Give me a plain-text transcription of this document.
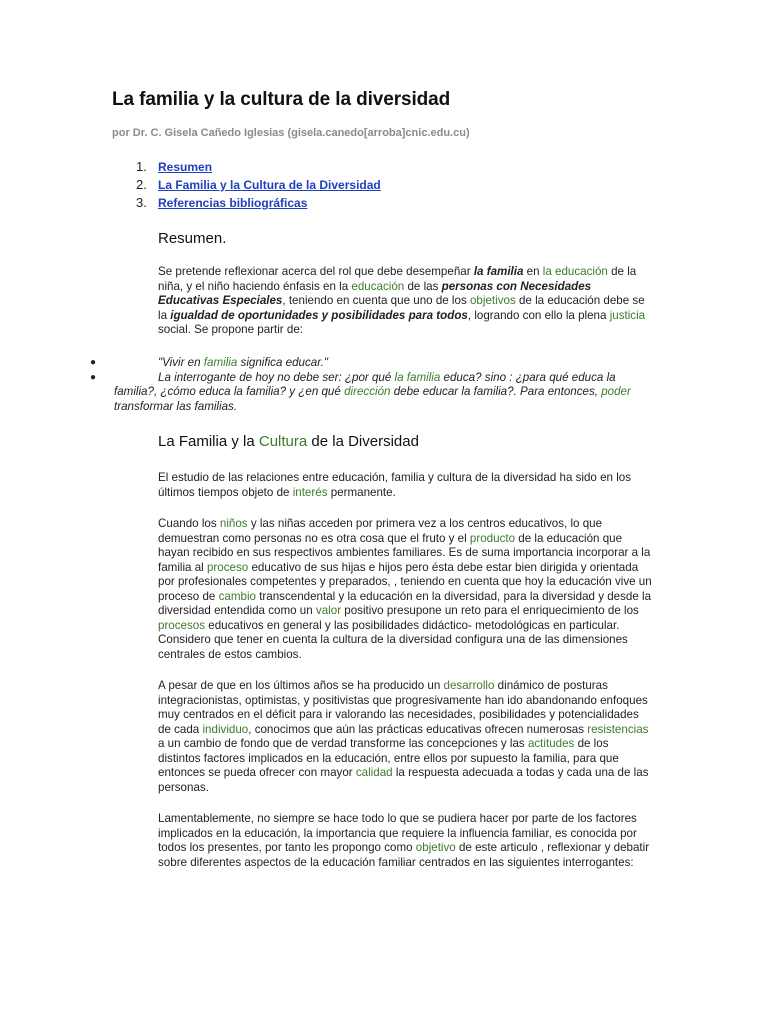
La familia y la cultura de la diversidad
por Dr. C. Gisela Cañedo Iglesias (gisela.canedo[arroba]cnic.edu.cu)
1. Resumen
2. La Familia y la Cultura de la Diversidad
3. Referencias bibliográficas
Resumen.

Se pretende reflexionar acerca del rol que debe desempeñar la familia en la educación de la niña, y el niño haciendo énfasis en la educación de las personas con Necesidades Educativas Especiales, teniendo en cuenta que uno de los objetivos de la educación debe se la igualdad de oportunidades y posibilidades para todos, logrando con ello la plena justicia social. Se propone partir de:

●	"Vivir en familia significa educar."
●	La interrogante de hoy no debe ser: ¿por qué la familia educa? sino : ¿para qué educa la familia?, ¿cómo educa la familia? y ¿en qué dirección debe educar la familia?. Para entonces, poder transformar las familias.
La Familia y la Cultura de la Diversidad

El estudio de las relaciones entre educación, familia y cultura de la diversidad ha sido en los últimos tiempos objeto de interés permanente.

Cuando los niños y las niñas acceden por primera vez a los centros educativos, lo que demuestran como personas no es otra cosa que el fruto y el producto de la educación que hayan recibido en sus respectivos ambientes familiares. Es de suma importancia incorporar a la familia al proceso educativo de sus hijas e hijos pero ésta debe estar bien dirigida y orientada por profesionales competentes y preparados, , teniendo en cuenta que hoy la educación vive un proceso de cambio transcendental y la educación en la diversidad, para la diversidad y desde la diversidad entendida como un valor positivo presupone un reto para el enriquecimiento de los procesos educativos en general y las posibilidades didáctico- metodológicas en particular. Considero que tener en cuenta la cultura de la diversidad configura una de las dimensiones centrales de estos cambios.

A pesar de que en los últimos años se ha producido un desarrollo dinámico de posturas integracionistas, optimistas, y positivistas que progresivamente han ido abandonando enfoques muy centrados en el déficit para ir valorando las necesidades, posibilidades y potencialidades de cada individuo, conocimos que aún las prácticas educativas ofrecen numerosas resistencias a un cambio de fondo que de verdad transforme las concepciones y las actitudes de los distintos factores implicados en la educación, entre ellos por supuesto la familia, para que entonces se pueda ofrecer con mayor calidad la respuesta adecuada a todas y cada una de las personas.

Lamentablemente, no siempre se hace todo lo que se pudiera hacer por parte de los factores implicados en la educación, la importancia que requiere la influencia familiar, es conocida por todos los presentes, por tanto les propongo como objetivo de este articulo , reflexionar y debatir sobre diferentes aspectos de la educación familiar centrados en las siguientes interrogantes:
